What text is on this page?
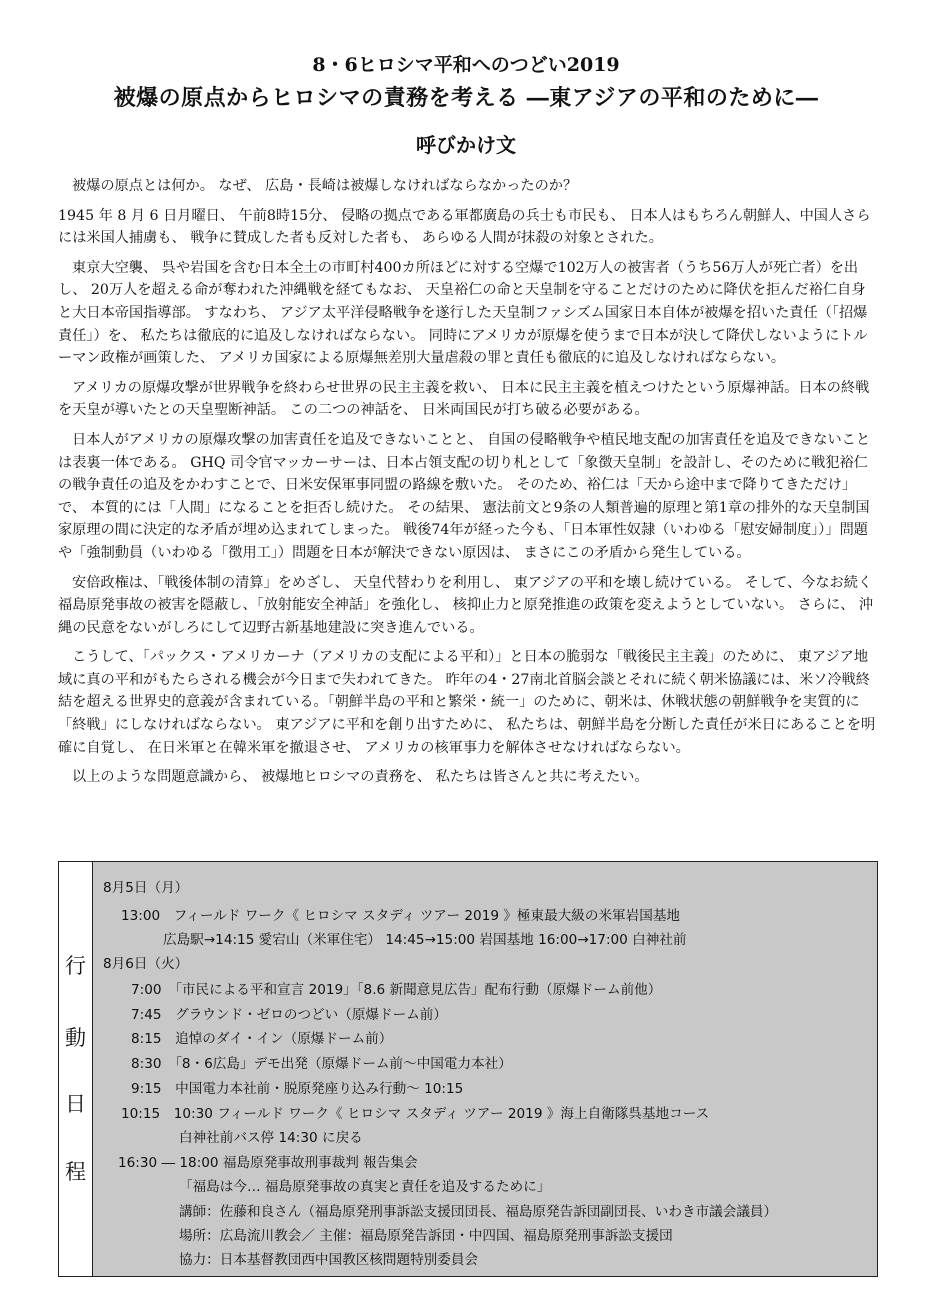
8・6ヒロシマ平和へのつどい2019
被爆の原点からヒロシマの責務を考える ―東アジアの平和のために―
呼びかけ文

被爆の原点とは何か。 なぜ、 広島・長崎は被爆しなければならなかったのか？

1945 年 8 月 6 日月曜日、 午前8時15分、 侵略の拠点である軍都廣島の兵士も市民も、 日本人はもちろん朝鮮人、中国人さらには米国人捕虜も、 戦争に賛成した者も反対した者も、 あらゆる人間が抹殺の対象とされた。

東京大空襲、 呉や岩国を含む日本全土の市町村400カ所ほどに対する空爆で102万人の被害者（うち56万人が死亡者）を出し、 20万人を超える命が奪われた沖縄戦を経てもなお、 天皇裕仁の命と天皇制を守ることだけのために降伏を拒んだ裕仁自身と大日本帝国指導部。 すなわち、 アジア太平洋侵略戦争を遂行した天皇制ファシズム国家日本自体が被爆を招いた責任（「招爆責任」）を、 私たちは徹底的に追及しなければならない。 同時にアメリカが原爆を使うまで日本が決して降伏しないようにトルーマン政権が画策した、 アメリカ国家による原爆無差別大量虐殺の罪と責任も徹底的に追及しなければならない。

アメリカの原爆攻撃が世界戦争を終わらせ世界の民主主義を救い、 日本に民主主義を植えつけたという原爆神話。日本の終戦を天皇が導いたとの天皇聖断神話。 この二つの神話を、 日米両国民が打ち破る必要がある。

日本人がアメリカの原爆攻撃の加害責任を追及できないことと、 自国の侵略戦争や植民地支配の加害責任を追及できないことは表裏一体である。 GHQ 司令官マッカーサーは、日本占領支配の切り札として「象徴天皇制」を設計し、そのために戦犯裕仁の戦争責任の追及をかわすことで、日米安保軍事同盟の路線を敷いた。 そのため、裕仁は「天から途中まで降りてきただけ」で、 本質的には「人間」になることを拒否し続けた。 その結果、 憲法前文と9条の人類普遍的原理と第1章の排外的な天皇制国家原理の間に決定的な矛盾が埋め込まれてしまった。 戦後74年が経った今も、「日本軍性奴隷（いわゆる「慰安婦制度」）」問題や「強制動員（いわゆる「徴用工」）問題を日本が解決できない原因は、 まさにこの矛盾から発生している。

安倍政権は、「戦後体制の清算」をめざし、 天皇代替わりを利用し、 東アジアの平和を壊し続けている。 そして、今なお続く福島原発事故の被害を隠蔽し、「放射能安全神話」を強化し、 核抑止力と原発推進の政策を変えようとしていない。 さらに、 沖縄の民意をないがしろにして辺野古新基地建設に突き進んでいる。

こうして、「パックス・アメリカーナ（アメリカの支配による平和）」と日本の脆弱な「戦後民主主義」のために、 東アジア地域に真の平和がもたらされる機会が今日まで失われてきた。 昨年の4・27南北首脳会談とそれに続く朝米協議には、米ソ冷戦終結を超える世界史的意義が含まれている。「朝鮮半島の平和と繁栄・統一」のために、朝米は、休戦状態の朝鮮戦争を実質的に「終戦」にしなければならない。 東アジアに平和を創り出すために、 私たちは、朝鮮半島を分断した責任が米日にあることを明確に自覚し、 在日米軍と在韓米軍を撤退させ、 アメリカの核軍事力を解体させなければならない。

以上のような問題意識から、 被爆地ヒロシマの責務を、 私たちは皆さんと共に考えたい。

行
動
日
程
8月5日（月）
13:00　フィールド ワーク《 ヒロシマ スタディ ツアー 2019 》極東最大級の米軍岩国基地
広島駅→14:15 愛宕山（米軍住宅） 14:45→15:00 岩国基地 16:00→17:00 白神社前
8月6日（火）
7:00　「市民による平和宣言 2019」「8.6 新聞意見広告」配布行動（原爆ドーム前他）
7:45　グラウンド・ゼロのつどい（原爆ドーム前）
8:15　追悼のダイ・イン（原爆ドーム前）
8:30　「8・6広島」デモ出発（原爆ドーム前～中国電力本社）
9:15　中国電力本社前・脱原発座り込み行動～ 10:15
10:15　10:30 フィールド ワーク《 ヒロシマ スタディ ツアー 2019 》海上自衛隊呉基地コース
白神社前バス停 14:30 に戻る
16:30 ― 18:00 福島原発事故刑事裁判 報告集会
「福島は今… 福島原発事故の真実と責任を追及するために」
講師：佐藤和良さん（福島原発刑事訴訟支援団団長、福島原発告訴団副団長、いわき市議会議員）
場所：広島流川教会／ 主催：福島原発告訴団・中四国、福島原発刑事訴訟支援団
協力：日本基督教団西中国教区核問題特別委員会
